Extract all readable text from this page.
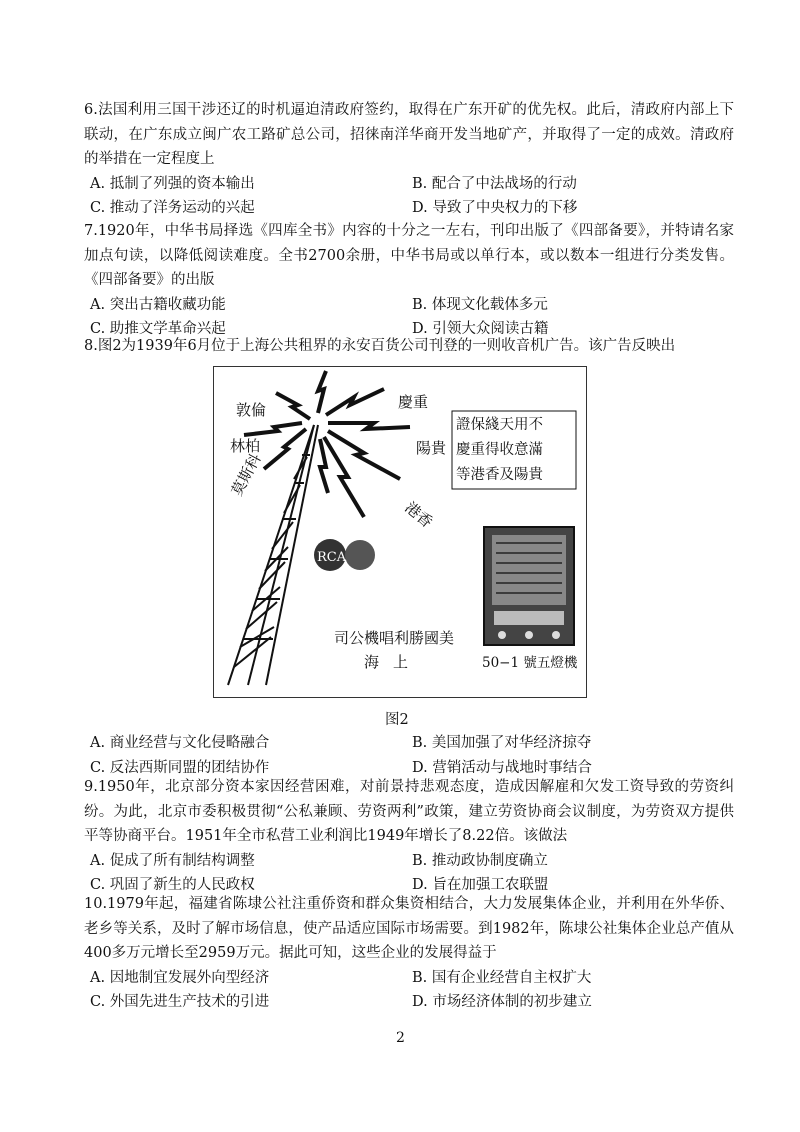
6.法国利用三国干涉还辽的时机逼迫清政府签约，取得在广东开矿的优先权。此后，清政府内部上下联动，在广东成立闽广农工路矿总公司，招徕南洋华商开发当地矿产，并取得了一定的成效。清政府的举措在一定程度上
A. 抵制了列强的资本输出	B. 配合了中法战场的行动
C. 推动了洋务运动的兴起	D. 导致了中央权力的下移
7.1920年，中华书局择选《四库全书》内容的十分之一左右，刊印出版了《四部备要》，并特请名家加点句读，以降低阅读难度。全书2700余册，中华书局或以单行本，或以数本一组进行分类发售。《四部备要》的出版
A. 突出古籍收藏功能	B. 体现文化载体多元
C. 助推文学革命兴起	D. 引领大众阅读古籍
8.图2为1939年6月位于上海公共租界的永安百货公司刊登的一则收音机广告。该广告反映出
敦倫
林柏
莫斯科
慶重
陽貴
港香
證保綫天用不
慶重得收意滿
等港香及陽貴
RCA
司公機唱利勝國美
海上	50−1 號五燈機
图2
A. 商业经营与文化侵略融合	B. 美国加强了对华经济掠夺
C. 反法西斯同盟的团结协作	D. 营销活动与战地时事结合
9.1950年，北京部分资本家因经营困难，对前景持悲观态度，造成因解雇和欠发工资导致的劳资纠纷。为此，北京市委积极贯彻“公私兼顾、劳资两利”政策，建立劳资协商会议制度，为劳资双方提供平等协商平台。1951年全市私营工业利润比1949年增长了8.22倍。该做法
A. 促成了所有制结构调整	B. 推动政协制度确立
C. 巩固了新生的人民政权	D. 旨在加强工农联盟
10.1979年起，福建省陈埭公社注重侨资和群众集资相结合，大力发展集体企业，并利用在外华侨、老乡等关系，及时了解市场信息，使产品适应国际市场需要。到1982年，陈埭公社集体企业总产值从400多万元增长至2959万元。据此可知，这些企业的发展得益于
A. 因地制宜发展外向型经济	B. 国有企业经营自主权扩大
C. 外国先进生产技术的引进	D. 市场经济体制的初步建立
2
